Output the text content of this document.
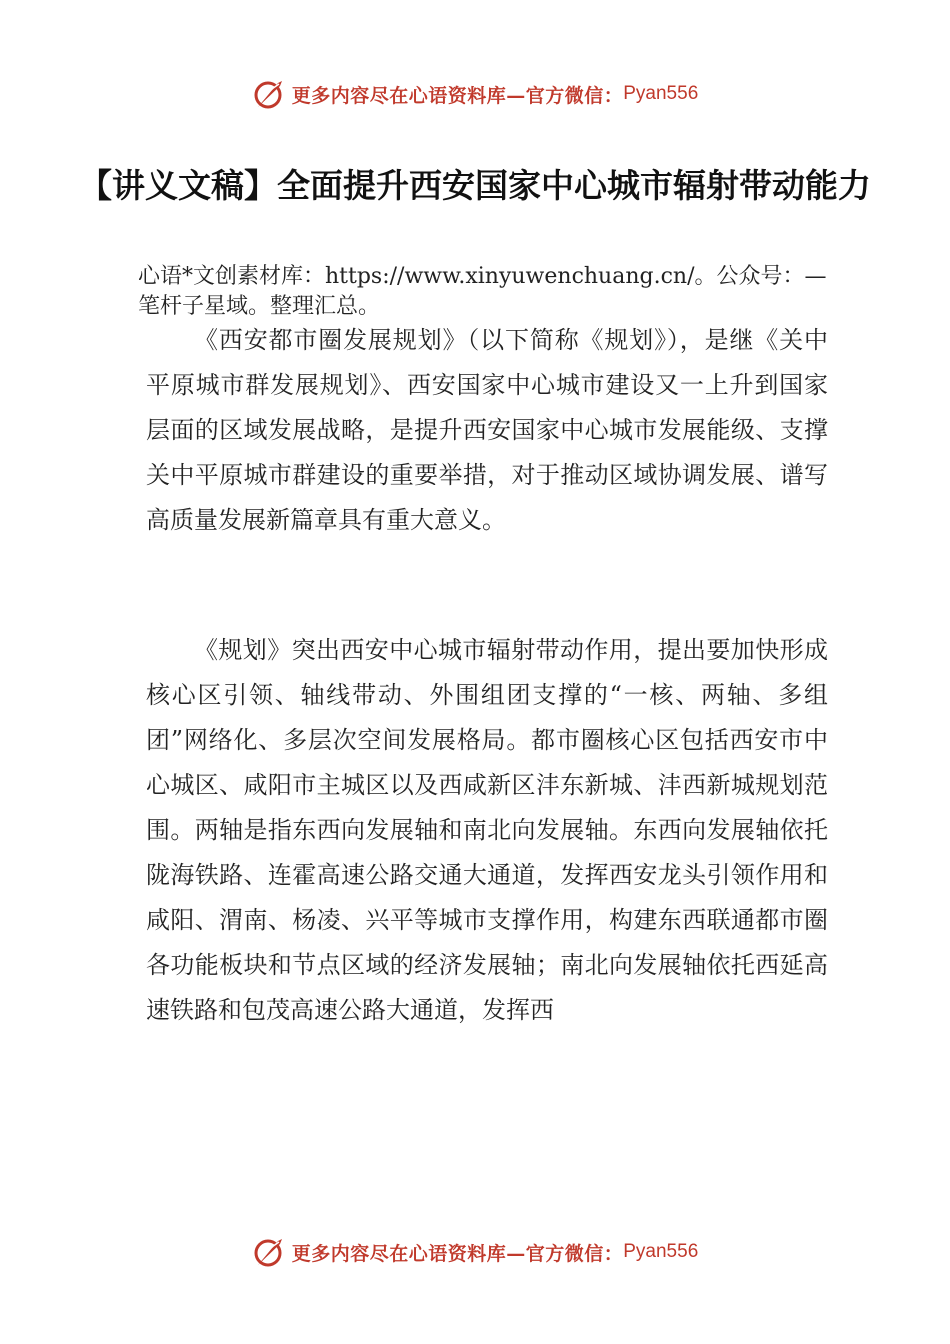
更多内容尽在心语资料库—官方微信： Pyan556
【讲义文稿】全面提升西安国家中心城市辐射带动能力
心语*文创素材库：https://www.xinyuwenchuang.cn/。公众号：—笔杆子星域。整理汇总。
《西安都市圈发展规划》（以下简称《规划》），是继《关中平原城市群发展规划》、西安国家中心城市建设又一上升到国家层面的区域发展战略，是提升西安国家中心城市发展能级、支撑关中平原城市群建设的重要举措，对于推动区域协调发展、谱写高质量发展新篇章具有重大意义。
《规划》突出西安中心城市辐射带动作用，提出要加快形成核心区引领、轴线带动、外围组团支撑的“一核、两轴、多组团”网络化、多层次空间发展格局。都市圈核心区包括西安市中心城区、咸阳市主城区以及西咸新区沣东新城、沣西新城规划范围。两轴是指东西向发展轴和南北向发展轴。东西向发展轴依托陇海铁路、连霍高速公路交通大通道，发挥西安龙头引领作用和咸阳、渭南、杨凌、兴平等城市支撑作用，构建东西联通都市圈各功能板块和节点区域的经济发展轴；南北向发展轴依托西延高速铁路和包茂高速公路大通道，发挥西
更多内容尽在心语资料库—官方微信： Pyan556
